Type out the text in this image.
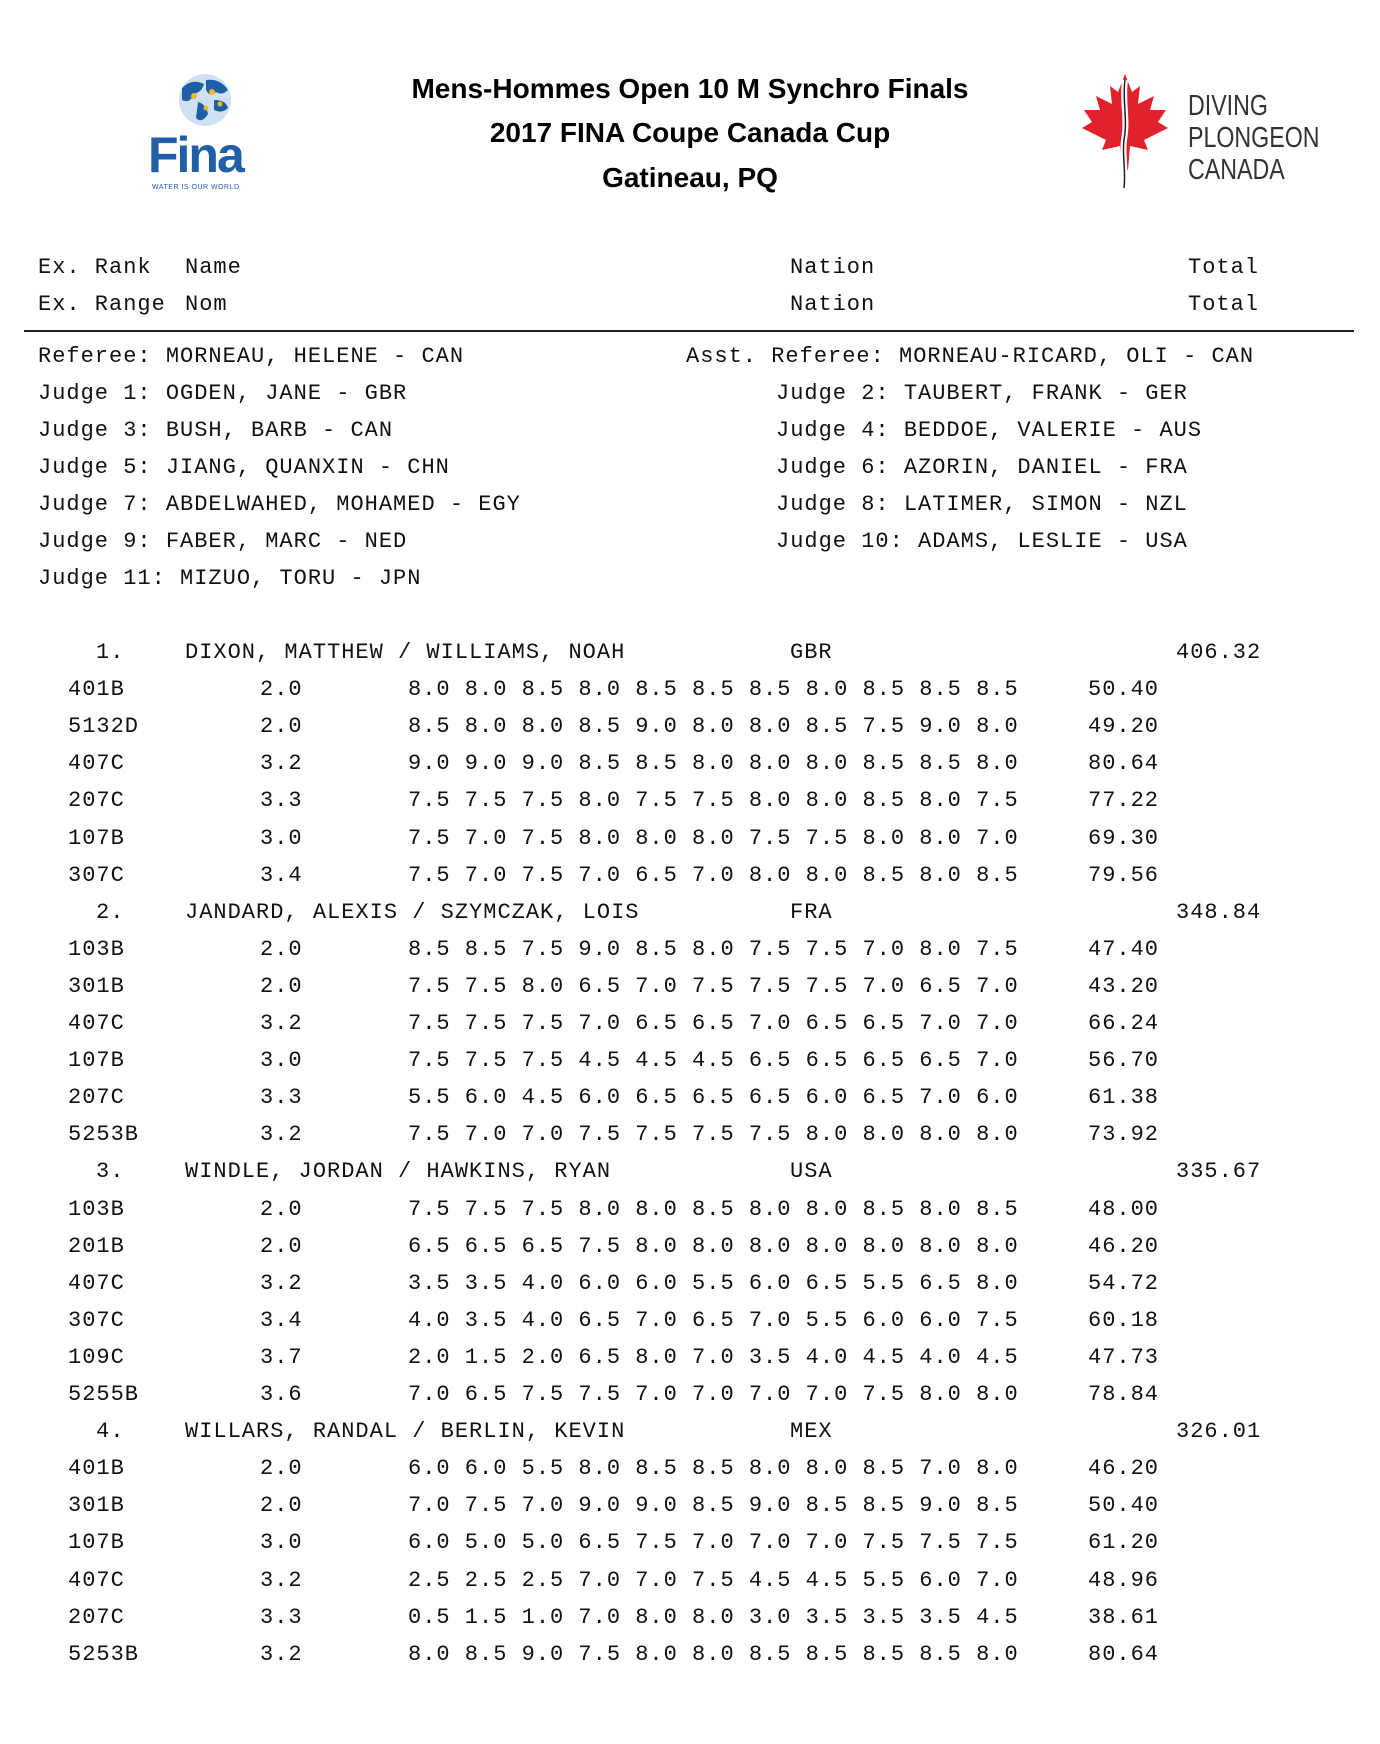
Fina
WATER IS OUR WORLD
Mens-Hommes Open 10 M Synchro Finals
2017 FINA Coupe Canada Cup
Gatineau, PQ
DIVING
PLONGEON
CANADA
Ex. Rank Name	Nation	Total
Ex. Range Nom	Nation	Total
Referee: MORNEAU, HELENE - CAN	Asst. Referee: MORNEAU-RICARD, OLI - CAN
Judge 1: OGDEN, JANE - GBR	Judge 2: TAUBERT, FRANK - GER
Judge 3: BUSH, BARB - CAN	Judge 4: BEDDOE, VALERIE - AUS
Judge 5: JIANG, QUANXIN - CHN	Judge 6: AZORIN, DANIEL - FRA
Judge 7: ABDELWAHED, MOHAMED - EGY	Judge 8: LATIMER, SIMON - NZL
Judge 9: FABER, MARC - NED	Judge 10: ADAMS, LESLIE - USA
Judge 11: MIZUO, TORU - JPN
1.	DIXON, MATTHEW / WILLIAMS, NOAH	GBR	406.32
401B	2.0	8.0 8.0 8.5 8.0 8.5 8.5 8.5 8.0 8.5 8.5 8.5	50.40
5132D	2.0	8.5 8.0 8.0 8.5 9.0 8.0 8.0 8.5 7.5 9.0 8.0	49.20
407C	3.2	9.0 9.0 9.0 8.5 8.5 8.0 8.0 8.0 8.5 8.5 8.0	80.64
207C	3.3	7.5 7.5 7.5 8.0 7.5 7.5 8.0 8.0 8.5 8.0 7.5	77.22
107B	3.0	7.5 7.0 7.5 8.0 8.0 8.0 7.5 7.5 8.0 8.0 7.0	69.30
307C	3.4	7.5 7.0 7.5 7.0 6.5 7.0 8.0 8.0 8.5 8.0 8.5	79.56
2.	JANDARD, ALEXIS / SZYMCZAK, LOIS	FRA	348.84
103B	2.0	8.5 8.5 7.5 9.0 8.5 8.0 7.5 7.5 7.0 8.0 7.5	47.40
301B	2.0	7.5 7.5 8.0 6.5 7.0 7.5 7.5 7.5 7.0 6.5 7.0	43.20
407C	3.2	7.5 7.5 7.5 7.0 6.5 6.5 7.0 6.5 6.5 7.0 7.0	66.24
107B	3.0	7.5 7.5 7.5 4.5 4.5 4.5 6.5 6.5 6.5 6.5 7.0	56.70
207C	3.3	5.5 6.0 4.5 6.0 6.5 6.5 6.5 6.0 6.5 7.0 6.0	61.38
5253B	3.2	7.5 7.0 7.0 7.5 7.5 7.5 7.5 8.0 8.0 8.0 8.0	73.92
3.	WINDLE, JORDAN / HAWKINS, RYAN	USA	335.67
103B	2.0	7.5 7.5 7.5 8.0 8.0 8.5 8.0 8.0 8.5 8.0 8.5	48.00
201B	2.0	6.5 6.5 6.5 7.5 8.0 8.0 8.0 8.0 8.0 8.0 8.0	46.20
407C	3.2	3.5 3.5 4.0 6.0 6.0 5.5 6.0 6.5 5.5 6.5 8.0	54.72
307C	3.4	4.0 3.5 4.0 6.5 7.0 6.5 7.0 5.5 6.0 6.0 7.5	60.18
109C	3.7	2.0 1.5 2.0 6.5 8.0 7.0 3.5 4.0 4.5 4.0 4.5	47.73
5255B	3.6	7.0 6.5 7.5 7.5 7.0 7.0 7.0 7.0 7.5 8.0 8.0	78.84
4.	WILLARS, RANDAL / BERLIN, KEVIN	MEX	326.01
401B	2.0	6.0 6.0 5.5 8.0 8.5 8.5 8.0 8.0 8.5 7.0 8.0	46.20
301B	2.0	7.0 7.5 7.0 9.0 9.0 8.5 9.0 8.5 8.5 9.0 8.5	50.40
107B	3.0	6.0 5.0 5.0 6.5 7.5 7.0 7.0 7.0 7.5 7.5 7.5	61.20
407C	3.2	2.5 2.5 2.5 7.0 7.0 7.5 4.5 4.5 5.5 6.0 7.0	48.96
207C	3.3	0.5 1.5 1.0 7.0 8.0 8.0 3.0 3.5 3.5 3.5 4.5	38.61
5253B	3.2	8.0 8.5 9.0 7.5 8.0 8.0 8.5 8.5 8.5 8.5 8.0	80.64
